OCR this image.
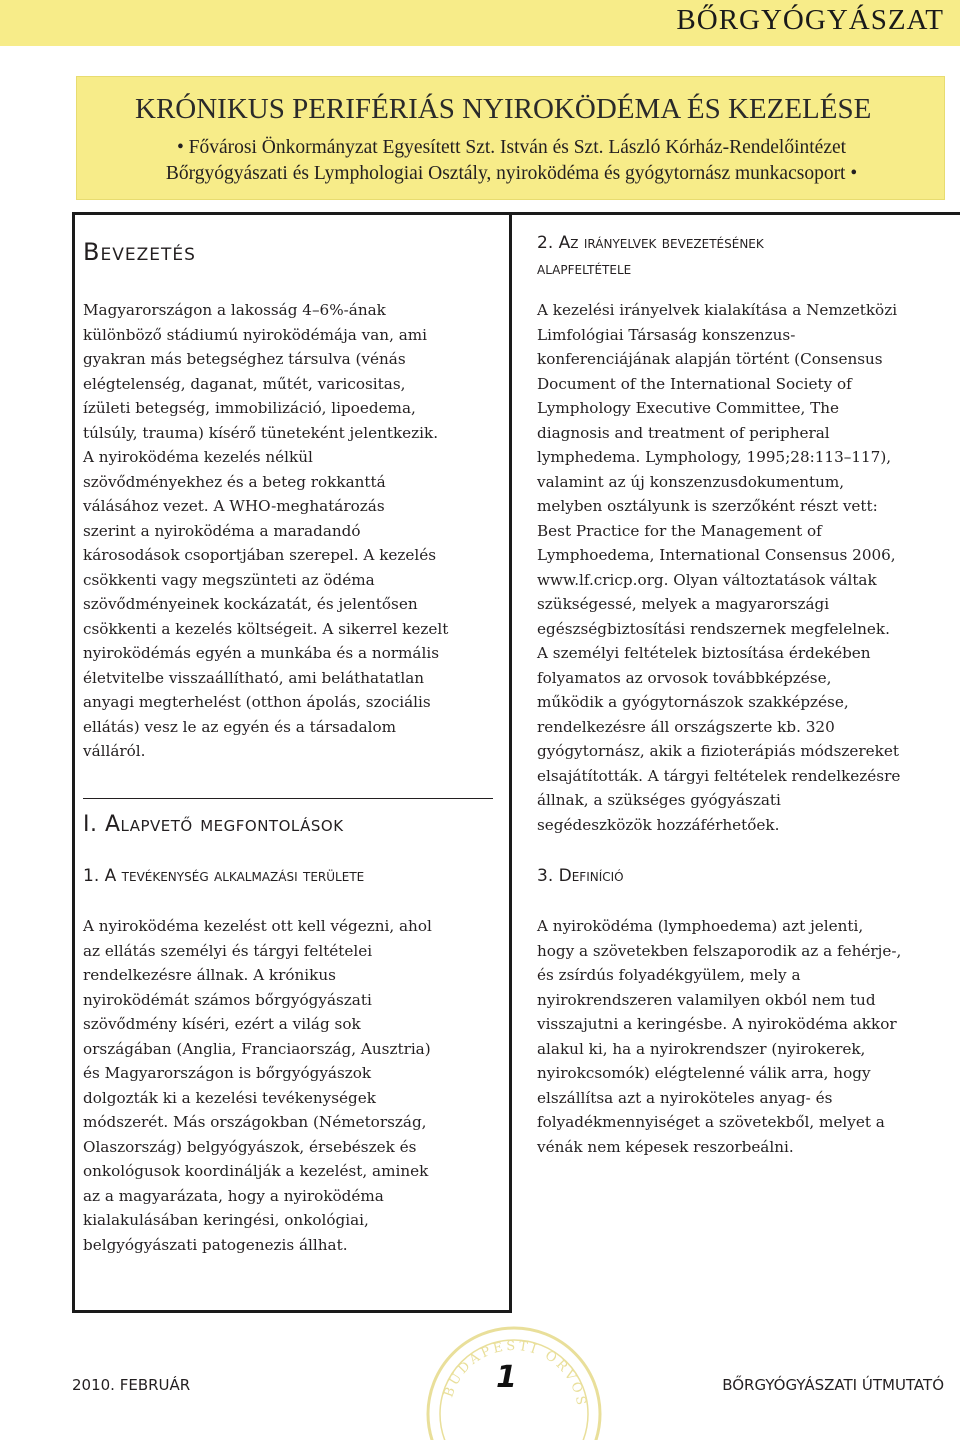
BŐRGYÓGYÁSZAT
KRÓNIKUS PERIFÉRIÁS NYIROKÖDÉMA ÉS KEZELÉSE
• Fővárosi Önkormányzat Egyesített Szt. István és Szt. László Kórház-Rendelőintézet
Bőrgyógyászati és Lymphologiai Osztály, nyiroködéma és gyógytornász munkacsoport •
Bevezetés
Magyarországon a lakosság 4–6%-ának
különböző stádiumú nyiroködémája van, ami
gyakran más betegséghez társulva (vénás
elégtelenség, daganat, műtét, varicositas,
ízületi betegség, immobilizáció, lipoedema,
túlsúly, trauma) kísérő tüneteként jelentkezik.
A nyiroködéma kezelés nélkül
szövődményekhez és a beteg rokkanttá
válásához vezet. A WHO-meghatározás
szerint a nyiroködéma a maradandó
károsodások csoportjában szerepel. A kezelés
csökkenti vagy megszünteti az ödéma
szövődményeinek kockázatát, és jelentősen
csökkenti a kezelés költségeit. A sikerrel kezelt
nyiroködémás egyén a munkába és a normális
életvitelbe visszaállítható, ami beláthatatlan
anyagi megterhelést (otthon ápolás, szociális
ellátás) vesz le az egyén és a társadalom
válláról.
I. Alapvető megfontolások
1. A tevékenység alkalmazási területe
A nyiroködéma kezelést ott kell végezni, ahol
az ellátás személyi és tárgyi feltételei
rendelkezésre állnak. A krónikus
nyiroködémát számos bőrgyógyászati
szövődmény kíséri, ezért a világ sok
országában (Anglia, Franciaország, Ausztria)
és Magyarországon is bőrgyógyászok
dolgozták ki a kezelési tevékenységek
módszerét. Más országokban (Németország,
Olaszország) belgyógyászok, érsebészek és
onkológusok koordinálják a kezelést, aminek
az a magyarázata, hogy a nyiroködéma
kialakulásában keringési, onkológiai,
belgyógyászati patogenezis állhat.
2. Az irányelvek bevezetésének
alapfeltétele
A kezelési irányelvek kialakítása a Nemzetközi
Limfológiai Társaság konszenzus-
konferenciájának alapján történt (Consensus
Document of the International Society of
Lymphology Executive Committee, The
diagnosis and treatment of peripheral
lymphedema. Lymphology, 1995;28:113–117),
valamint az új konszenzusdokumentum,
melyben osztályunk is szerzőként részt vett:
Best Practice for the Management of
Lymphoedema, International Consensus 2006,
www.lf.cricp.org. Olyan változtatások váltak
szükségessé, melyek a magyarországi
egészségbiztosítási rendszernek megfelelnek.
A személyi feltételek biztosítása érdekében
folyamatos az orvosok továbbképzése,
működik a gyógytornászok szakképzése,
rendelkezésre áll országszerte kb. 320
gyógytornász, akik a fizioterápiás módszereket
elsajátították. A tárgyi feltételek rendelkezésre
állnak, a szükséges gyógyászati
segédeszközök hozzáférhetőek.
3. Definíció
A nyiroködéma (lymphoedema) azt jelenti,
hogy a szövetekben felszaporodik az a fehérje-,
és zsírdús folyadékgyülem, mely a
nyirokrendszeren valamilyen okból nem tud
visszajutni a keringésbe. A nyiroködéma akkor
alakul ki, ha a nyirokrendszer (nyirokerek,
nyirokcsomók) elégtelenné válik arra, hogy
elszállítsa azt a nyiroköteles anyag- és
folyadékmennyiséget a szövetekből, melyet a
vénák nem képesek reszorbeálni.
BUDAPESTI ORVOS
2010. FEBRUÁR	1	BŐRGYÓGYÁSZATI ÚTMUTATÓ
